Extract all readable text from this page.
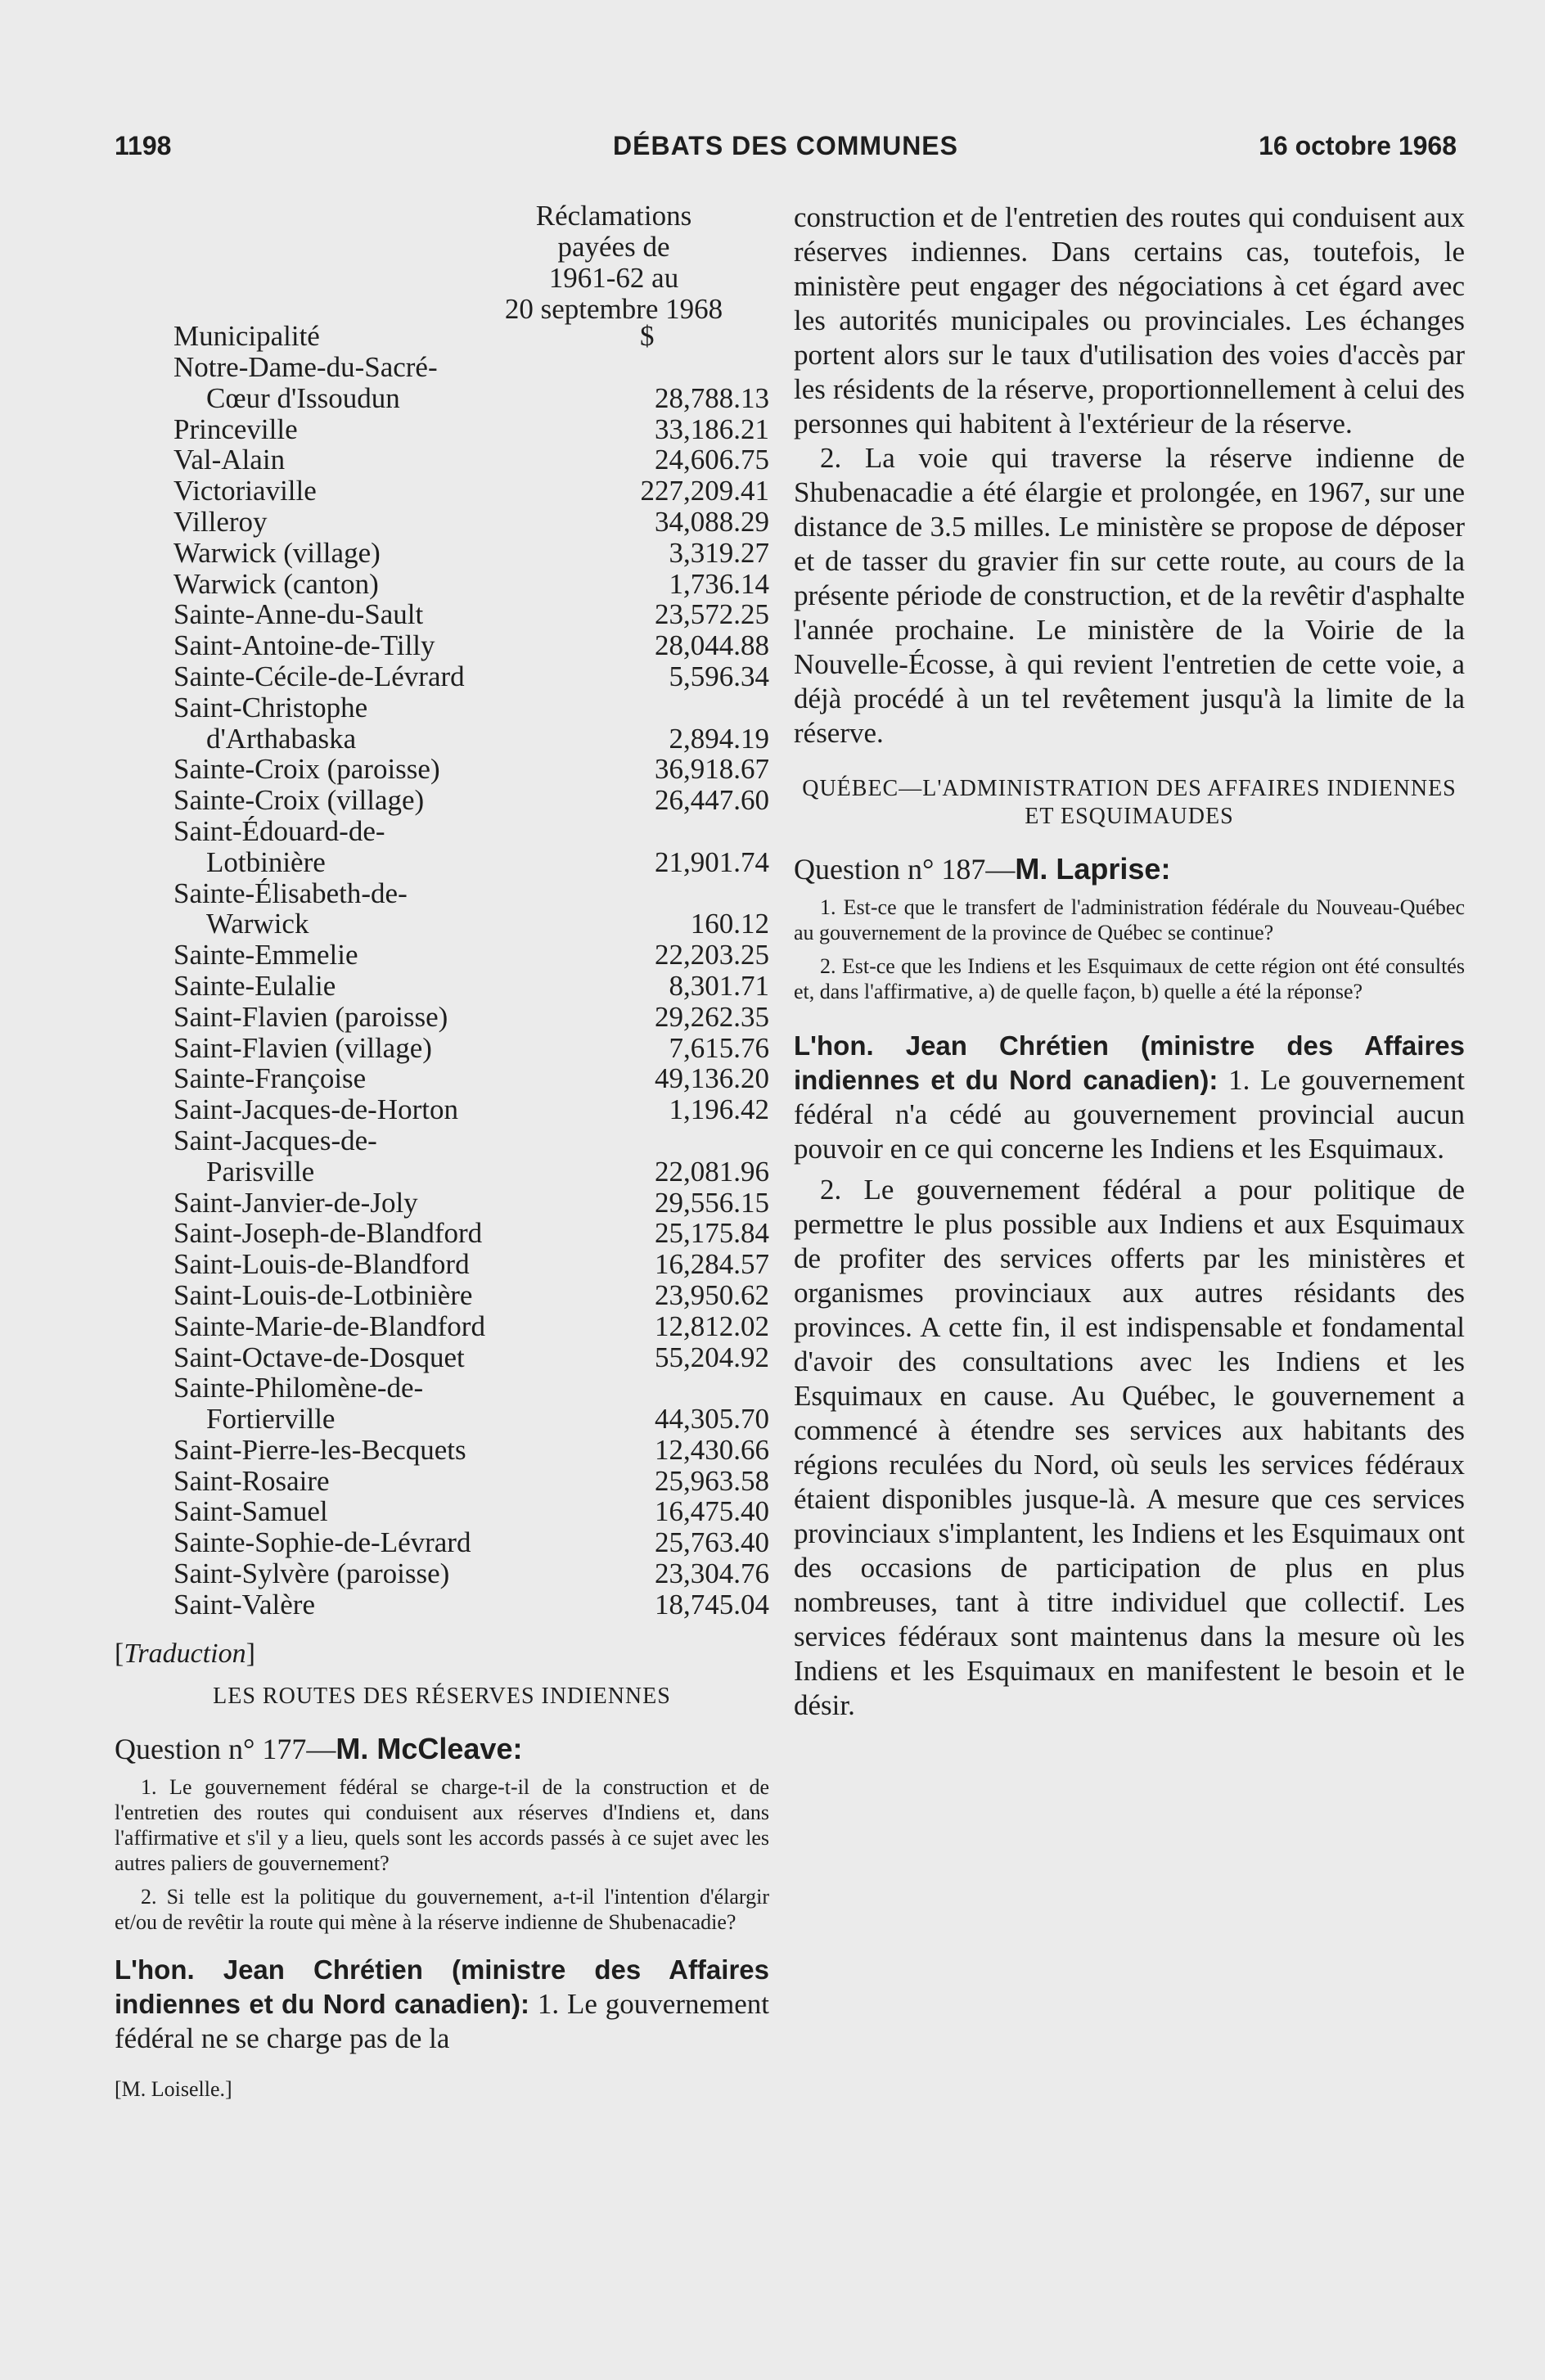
1198	DÉBATS DES COMMUNES	16 octobre 1968
Réclamations
payées de
1961-62 au
20 septembre 1968
Municipalité	$
Notre-Dame-du-Sacré-
Cœur d'Issoudun	28,788.13
Princeville	33,186.21
Val-Alain	24,606.75
Victoriaville	227,209.41
Villeroy	34,088.29
Warwick (village)	3,319.27
Warwick (canton)	1,736.14
Sainte-Anne-du-Sault	23,572.25
Saint-Antoine-de-Tilly	28,044.88
Sainte-Cécile-de-Lévrard	5,596.34
Saint-Christophe
d'Arthabaska	2,894.19
Sainte-Croix (paroisse)	36,918.67
Sainte-Croix (village)	26,447.60
Saint-Édouard-de-
Lotbinière	21,901.74
Sainte-Élisabeth-de-
Warwick	160.12
Sainte-Emmelie	22,203.25
Sainte-Eulalie	8,301.71
Saint-Flavien (paroisse)	29,262.35
Saint-Flavien (village)	7,615.76
Sainte-Françoise	49,136.20
Saint-Jacques-de-Horton	1,196.42
Saint-Jacques-de-
Parisville	22,081.96
Saint-Janvier-de-Joly	29,556.15
Saint-Joseph-de-Blandford	25,175.84
Saint-Louis-de-Blandford	16,284.57
Saint-Louis-de-Lotbinière	23,950.62
Sainte-Marie-de-Blandford	12,812.02
Saint-Octave-de-Dosquet	55,204.92
Sainte-Philomène-de-
Fortierville	44,305.70
Saint-Pierre-les-Becquets	12,430.66
Saint-Rosaire	25,963.58
Saint-Samuel	16,475.40
Sainte-Sophie-de-Lévrard	25,763.40
Saint-Sylvère (paroisse)	23,304.76
Saint-Valère	18,745.04
[Traduction]
LES ROUTES DES RÉSERVES INDIENNES
Question n° 177—M. McCleave:
1. Le gouvernement fédéral se charge-t-il de la construction et de l'entretien des routes qui conduisent aux réserves d'Indiens et, dans l'affirmative et s'il y a lieu, quels sont les accords passés à ce sujet avec les autres paliers de gouvernement?
2. Si telle est la politique du gouvernement, a-t-il l'intention d'élargir et/ou de revêtir la route qui mène à la réserve indienne de Shubenacadie?
L'hon. Jean Chrétien (ministre des Affaires indiennes et du Nord canadien): 1. Le gouvernement fédéral ne se charge pas de la
[M. Loiselle.]

construction et de l'entretien des routes qui conduisent aux réserves indiennes. Dans certains cas, toutefois, le ministère peut engager des négociations à cet égard avec les autorités municipales ou provinciales. Les échanges portent alors sur le taux d'utilisation des voies d'accès par les résidents de la réserve, proportionnellement à celui des personnes qui habitent à l'extérieur de la réserve.

2. La voie qui traverse la réserve indienne de Shubenacadie a été élargie et prolongée, en 1967, sur une distance de 3.5 milles. Le ministère se propose de déposer et de tasser du gravier fin sur cette route, au cours de la présente période de construction, et de la revêtir d'asphalte l'année prochaine. Le ministère de la Voirie de la Nouvelle-Écosse, à qui revient l'entretien de cette voie, a déjà procédé à un tel revêtement jusqu'à la limite de la réserve.

QUÉBEC—L'ADMINISTRATION DES AFFAIRES INDIENNES ET ESQUIMAUDES
Question n° 187—M. Laprise:
1. Est-ce que le transfert de l'administration fédérale du Nouveau-Québec au gouvernement de la province de Québec se continue?
2. Est-ce que les Indiens et les Esquimaux de cette région ont été consultés et, dans l'affirmative, a) de quelle façon, b) quelle a été la réponse?
L'hon. Jean Chrétien (ministre des Affaires indiennes et du Nord canadien): 1. Le gouvernement fédéral n'a cédé au gouvernement provincial aucun pouvoir en ce qui concerne les Indiens et les Esquimaux.

2. Le gouvernement fédéral a pour politique de permettre le plus possible aux Indiens et aux Esquimaux de profiter des services offerts par les ministères et organismes provinciaux aux autres résidants des provinces. A cette fin, il est indispensable et fondamental d'avoir des consultations avec les Indiens et les Esquimaux en cause. Au Québec, le gouvernement a commencé à étendre ses services aux habitants des régions reculées du Nord, où seuls les services fédéraux étaient disponibles jusque-là. A mesure que ces services provinciaux s'implantent, les Indiens et les Esquimaux ont des occasions de participation de plus en plus nombreuses, tant à titre individuel que collectif. Les services fédéraux sont maintenus dans la mesure où les Indiens et les Esquimaux en manifestent le besoin et le désir.
